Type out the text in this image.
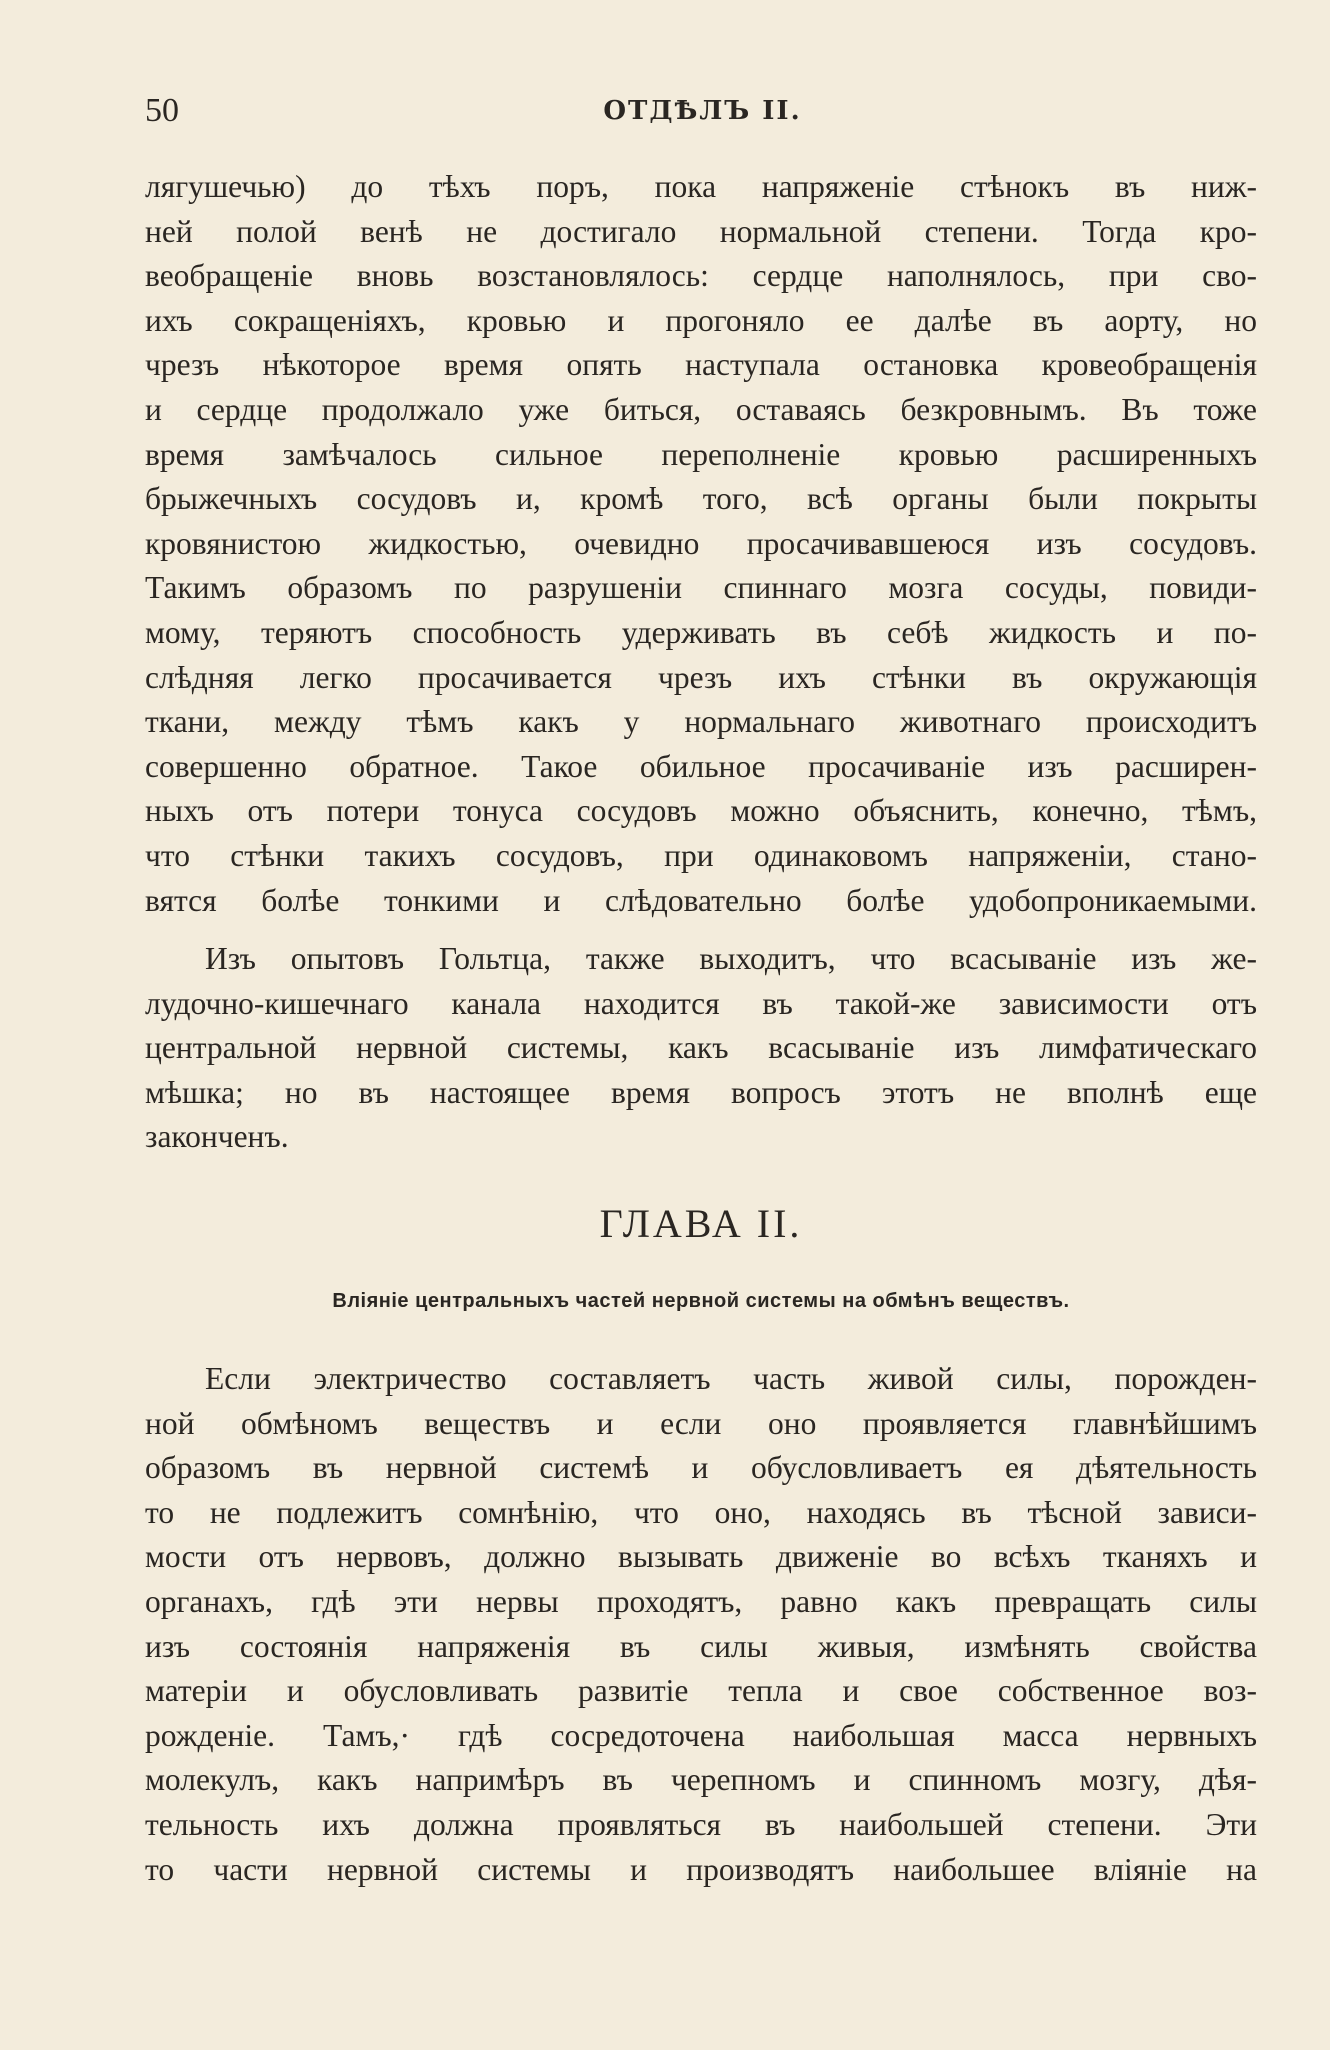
50	ОТДѢЛЪ II.
лягушечью) до тѣхъ поръ, пока напряженіе стѣнокъ въ ниж-
ней полой венѣ не достигало нормальной степени. Тогда кро-
веобращеніе вновь возстановлялось: сердце наполнялось, при сво-
ихъ сокращеніяхъ, кровью и прогоняло ее далѣе въ аорту, но
чрезъ нѣкоторое время опять наступала остановка кровеобращенія
и сердце продолжало уже биться, оставаясь безкровнымъ. Въ тоже
время замѣчалось сильное переполненіе кровью расширенныхъ
брыжечныхъ сосудовъ и, кромѣ того, всѣ органы были покрыты
кровянистою жидкостью, очевидно просачивавшеюся изъ сосудовъ.
Такимъ образомъ по разрушеніи спиннаго мозга сосуды, повиди-
мому, теряютъ способность удерживать въ себѣ жидкость и по-
слѣдняя легко просачивается чрезъ ихъ стѣнки въ окружающія
ткани, между тѣмъ какъ у нормальнаго животнаго происходитъ
совершенно обратное. Такое обильное просачиваніе изъ расширен-
ныхъ отъ потери тонуса сосудовъ можно объяснить, конечно, тѣмъ,
что стѣнки такихъ сосудовъ, при одинаковомъ напряженіи, стано-
вятся болѣе тонкими и слѣдовательно болѣе удобопроникаемыми.
Изъ опытовъ Гольтца, также выходитъ, что всасываніе изъ же-
лудочно-кишечнаго канала находится въ такой-же зависимости отъ
центральной нервной системы, какъ всасываніе изъ лимфатическаго
мѣшка; но въ настоящее время вопросъ этотъ не вполнѣ еще
законченъ.
ГЛАВА II.
Вліяніе центральныхъ частей нервной системы на обмѣнъ веществъ.
Если электричество составляетъ часть живой силы, порожден-
ной обмѣномъ веществъ и если оно проявляется главнѣйшимъ
образомъ въ нервной системѣ и обусловливаетъ ея дѣятельность
то не подлежитъ сомнѣнію, что оно, находясь въ тѣсной зависи-
мости отъ нервовъ, должно вызывать движеніе во всѣхъ тканяхъ и
органахъ, гдѣ эти нервы проходятъ, равно какъ превращать силы
изъ состоянія напряженія въ силы живыя, измѣнять свойства
матеріи и обусловливать развитіе тепла и свое собственное воз-
рожденіе. Тамъ,· гдѣ сосредоточена наибольшая масса нервныхъ
молекулъ, какъ напримѣръ въ черепномъ и спинномъ мозгу, дѣя-
тельность ихъ должна проявляться въ наибольшей степени. Эти
то части нервной системы и производятъ наибольшее вліяніе на
